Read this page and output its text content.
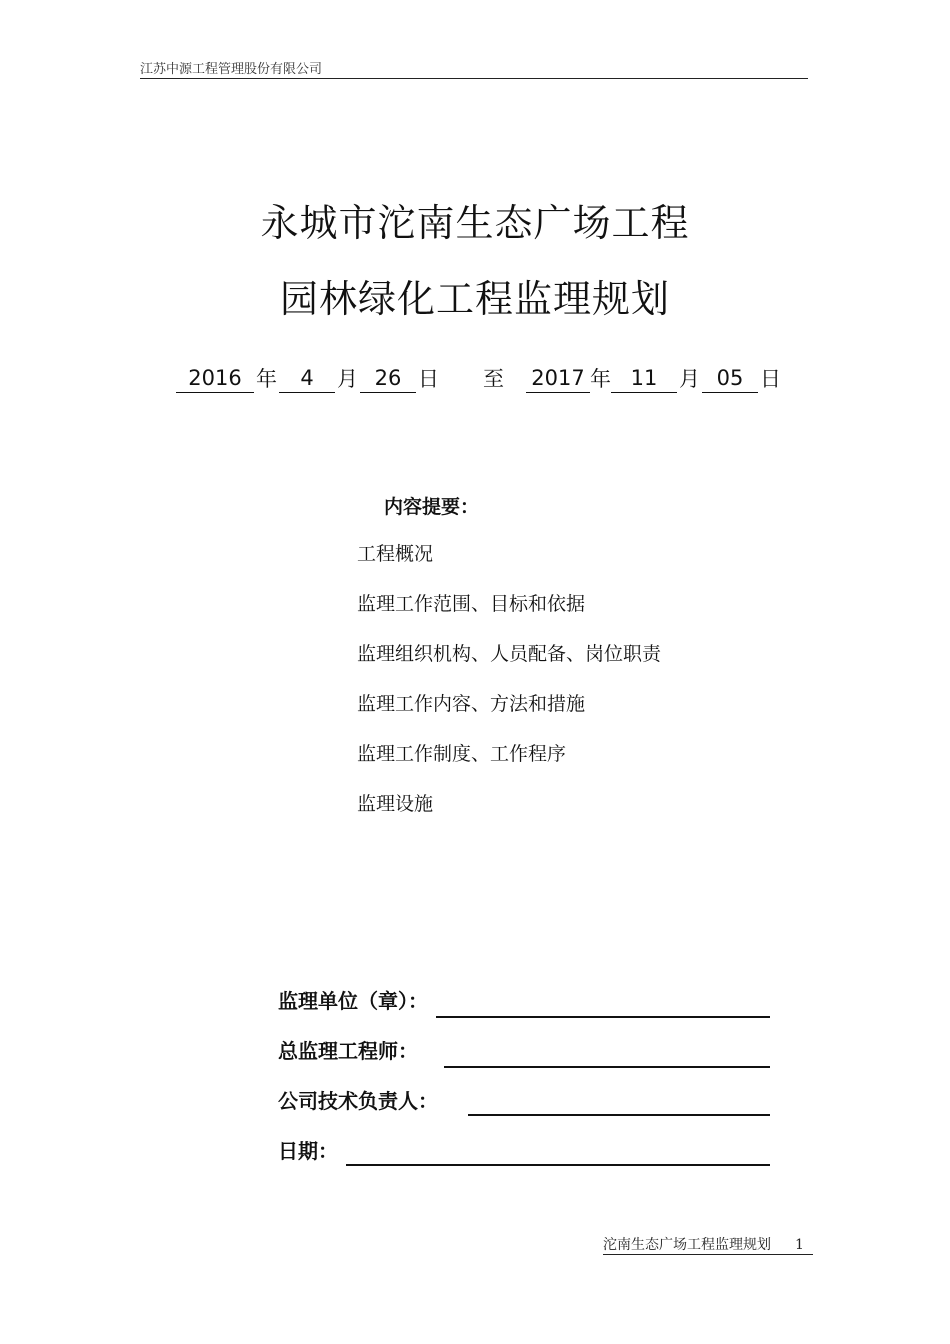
江苏中源工程管理股份有限公司
永城市沱南生态广场工程
园林绿化工程监理规划
2016 年 4 月 26 日 至 2017 年 11 月 05 日
内容提要：
工程概况
监理工作范围、目标和依据
监理组织机构、人员配备、岗位职责
监理工作内容、方法和措施
监理工作制度、工作程序
监理设施
监理单位（章）：
总监理工程师：
公司技术负责人：
日期：
沱南生态广场工程监理规划 1
